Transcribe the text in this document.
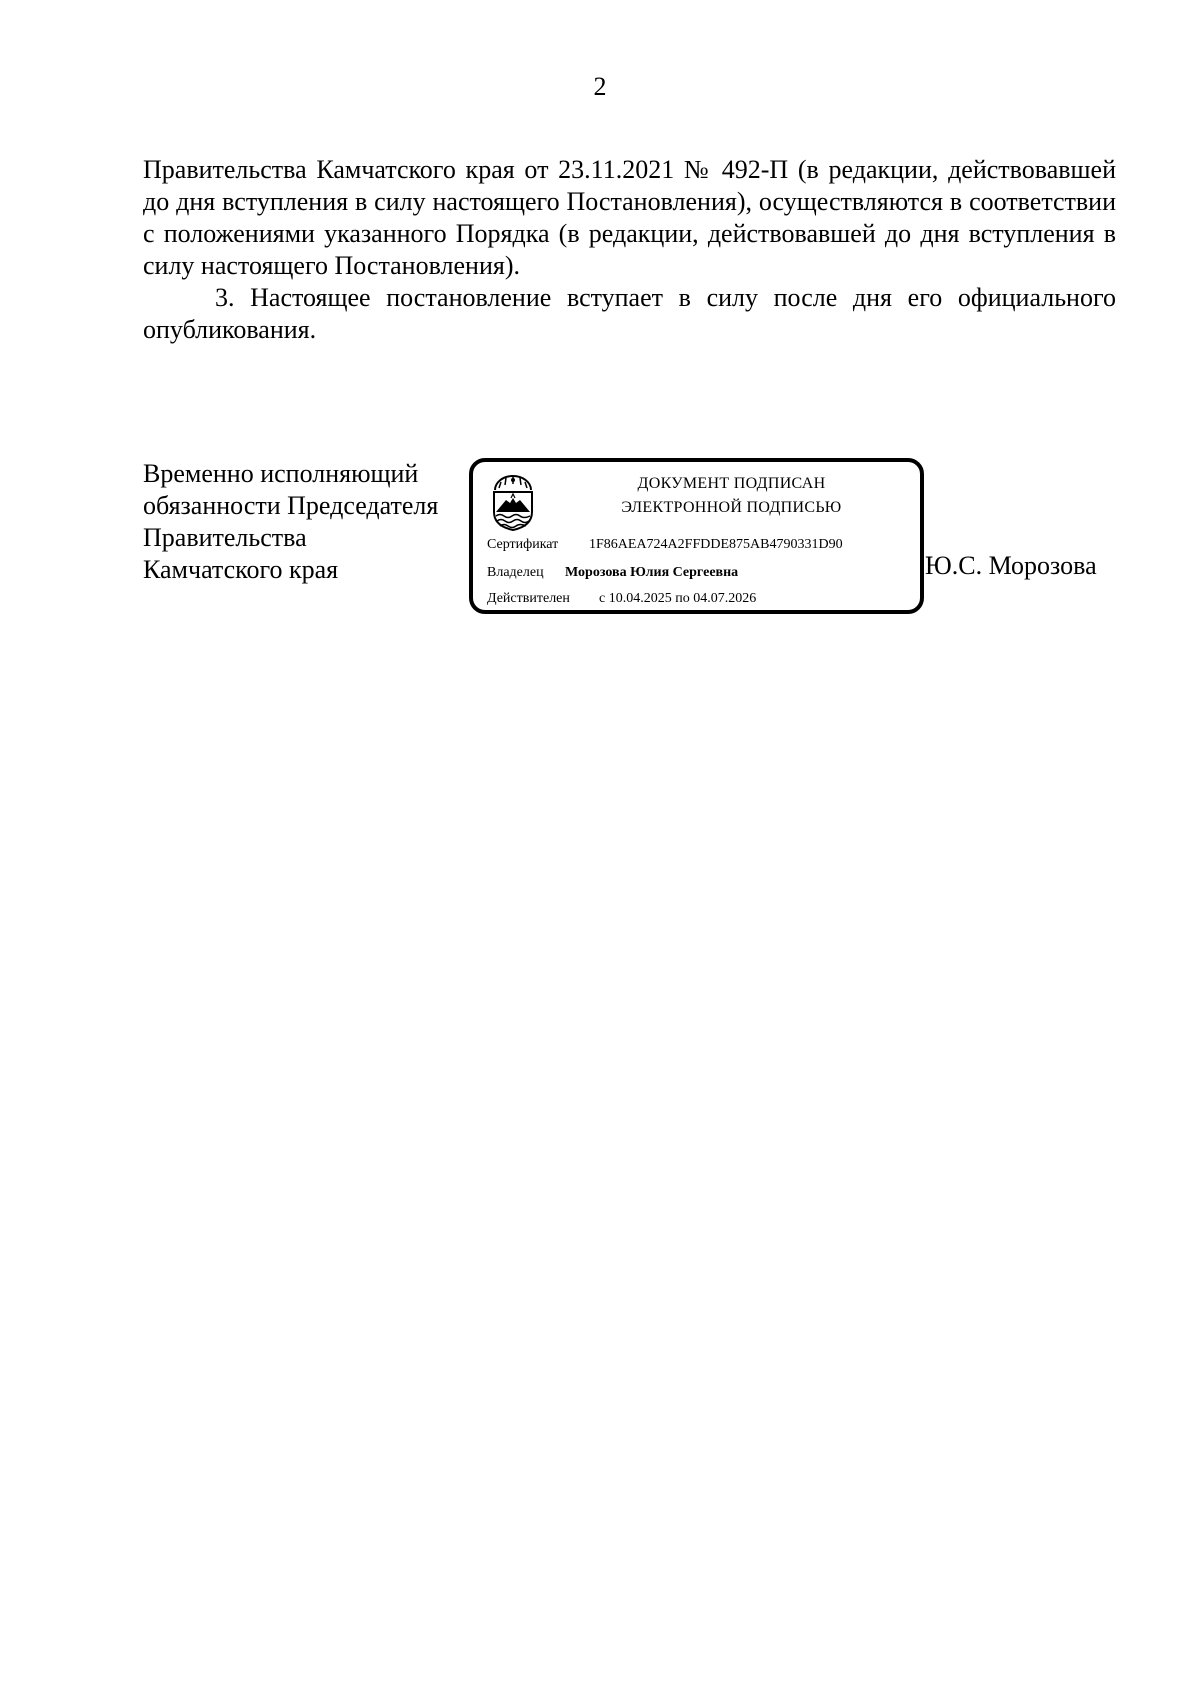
2

Правительства Камчатского края от 23.11.2021 № 492-П (в редакции, действовавшей до дня вступления в силу настоящего Постановления), осуществляются в соответствии с положениями указанного Порядка (в редакции, действовавшей до дня вступления в силу настоящего Постановления).

3. Настоящее постановление вступает в силу после дня его официального опубликования.

Временно исполняющий
обязанности Председателя
Правительства
Камчатского края
ДОКУМЕНТ ПОДПИСАН
ЭЛЕКТРОННОЙ ПОДПИСЬЮ
Сертификат 1F86AEA724A2FFDDE875AB4790331D90
Владелец Морозова Юлия Сергеевна
Действителен с 10.04.2025 по 04.07.2026
Ю.С. Морозова
